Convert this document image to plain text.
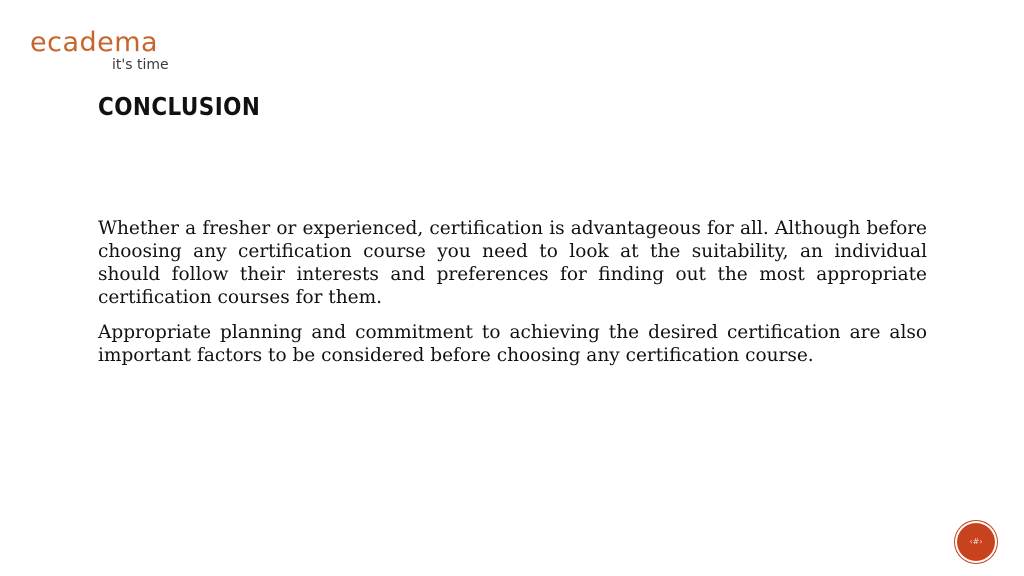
ecadema
it's time
CONCLUSION

Whether a fresher or experienced, certification is advantageous for all. Although before choosing any certification course you need to look at the suitability, an individual should follow their interests and preferences for finding out the most appropriate certification courses for them.

Appropriate planning and commitment to achieving the desired certification are also important factors to be considered before choosing any certification course.

‹#›
